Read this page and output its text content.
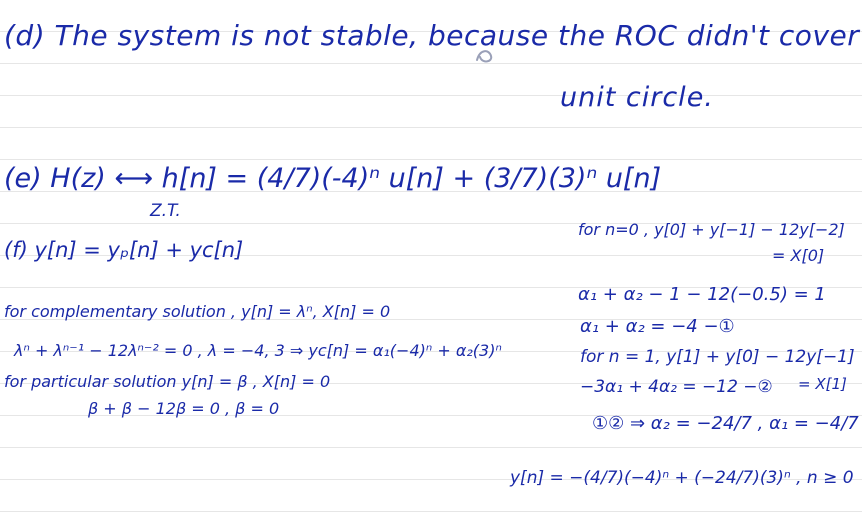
(d) The system is not stable, because the ROC didn't cover

unit circle.

(e) H(z) ⟷ h[n] = (4/7)(-4)ⁿ u[n] + (3/7)(3)ⁿ u[n]

Z.T.

(f) y[n] = yₚ[n] + yᴄ[n]

for complementary solution , y[n] = λⁿ, X[n] = 0

λⁿ + λⁿ⁻¹ − 12λⁿ⁻² = 0 , λ = −4, 3 ⇒ yᴄ[n] = α₁(−4)ⁿ + α₂(3)ⁿ

for particular solution y[n] = β , X[n] = 0

β + β − 12β = 0 , β = 0

for n=0 , y[0] + y[−1] − 12y[−2]

= X[0]

α₁ + α₂ − 1 − 12(−0.5) = 1

α₁ + α₂ = −4 −①

for n = 1, y[1] + y[0] − 12y[−1]

−3α₁ + 4α₂ = −12 −② = X[1]

①② ⇒ α₂ = −24/7 , α₁ = −4/7

y[n] = −(4/7)(−4)ⁿ + (−24/7)(3)ⁿ , n ≥ 0
